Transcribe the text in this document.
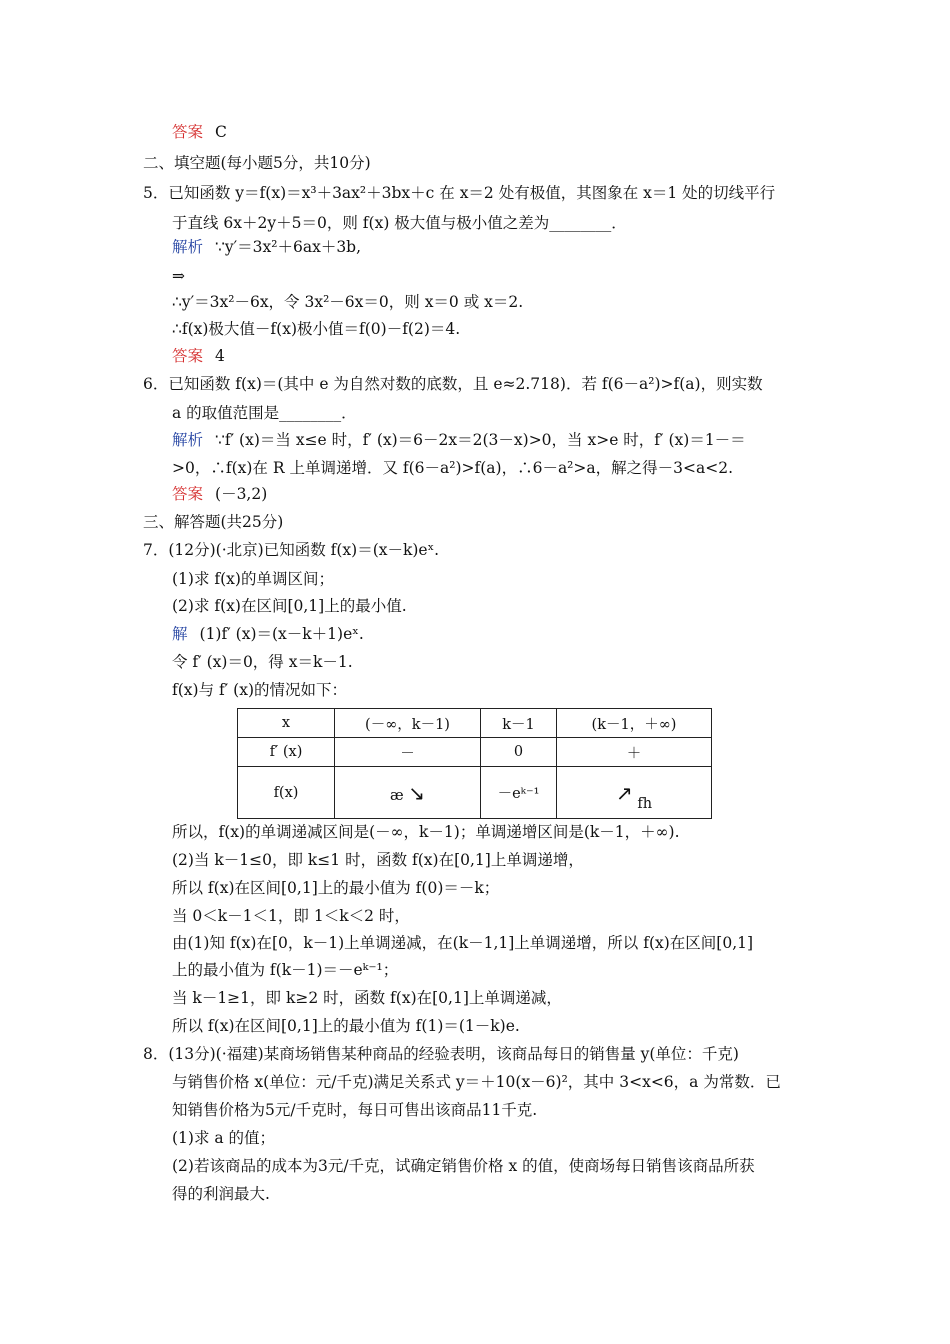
答案 C
二、填空题(每小题5分，共10分)
5．已知函数 y＝f(x)＝x³＋3ax²＋3bx＋c 在 x＝2 处有极值，其图象在 x＝1 处的切线平行
于直线 6x＋2y＋5＝0，则 f(x) 极大值与极小值之差为________．
解析 ∵y′＝3x²＋6ax＋3b,
⇒
∴y′＝3x²－6x，令 3x²－6x＝0，则 x＝0 或 x＝2.
∴f(x)极大值－f(x)极小值＝f(0)－f(2)＝4.
答案 4
6．已知函数 f(x)＝(其中 e 为自然对数的底数，且 e≈2.718)．若 f(6－a²)>f(a)，则实数
a 的取值范围是________．
解析 ∵f′ (x)＝当 x≤e 时，f′ (x)＝6－2x＝2(3－x)>0，当 x>e 时，f′ (x)＝1－＝
>0，∴f(x)在 R 上单调递增．又 f(6－a²)>f(a)，∴6－a²>a，解之得－3<a<2.
答案 (－3,2)
三、解答题(共25分)
7．(12分)(·北京)已知函数 f(x)＝(x－k)eˣ.
(1)求 f(x)的单调区间；
(2)求 f(x)在区间[0,1]上的最小值.
解 (1)f′ (x)＝(x－k＋1)eˣ.
令 f′ (x)＝0，得 x＝k－1.
f(x)与 f′ (x)的情况如下：
x	(－∞，k－1)	k－1	(k－1，＋∞)
f′ (x)	－	0	＋
f(x)	æ ↘	－eᵏ⁻¹	↗ fh
所以，f(x)的单调递减区间是(－∞，k－1)；单调递增区间是(k－1，＋∞).
(2)当 k－1≤0，即 k≤1 时，函数 f(x)在[0,1]上单调递增，
所以 f(x)在区间[0,1]上的最小值为 f(0)＝－k；
当 0＜k－1＜1，即 1＜k＜2 时，
由(1)知 f(x)在[0，k－1)上单调递减，在(k－1,1]上单调递增，所以 f(x)在区间[0,1]
上的最小值为 f(k－1)＝－eᵏ⁻¹；
当 k－1≥1，即 k≥2 时，函数 f(x)在[0,1]上单调递减，
所以 f(x)在区间[0,1]上的最小值为 f(1)＝(1－k)e.
8．(13分)(·福建)某商场销售某种商品的经验表明，该商品每日的销售量 y(单位：千克)
与销售价格 x(单位：元/千克)满足关系式 y＝＋10(x－6)²，其中 3<x<6，a 为常数．已
知销售价格为5元/千克时，每日可售出该商品11千克.
(1)求 a 的值；
(2)若该商品的成本为3元/千克，试确定销售价格 x 的值，使商场每日销售该商品所获
得的利润最大.
